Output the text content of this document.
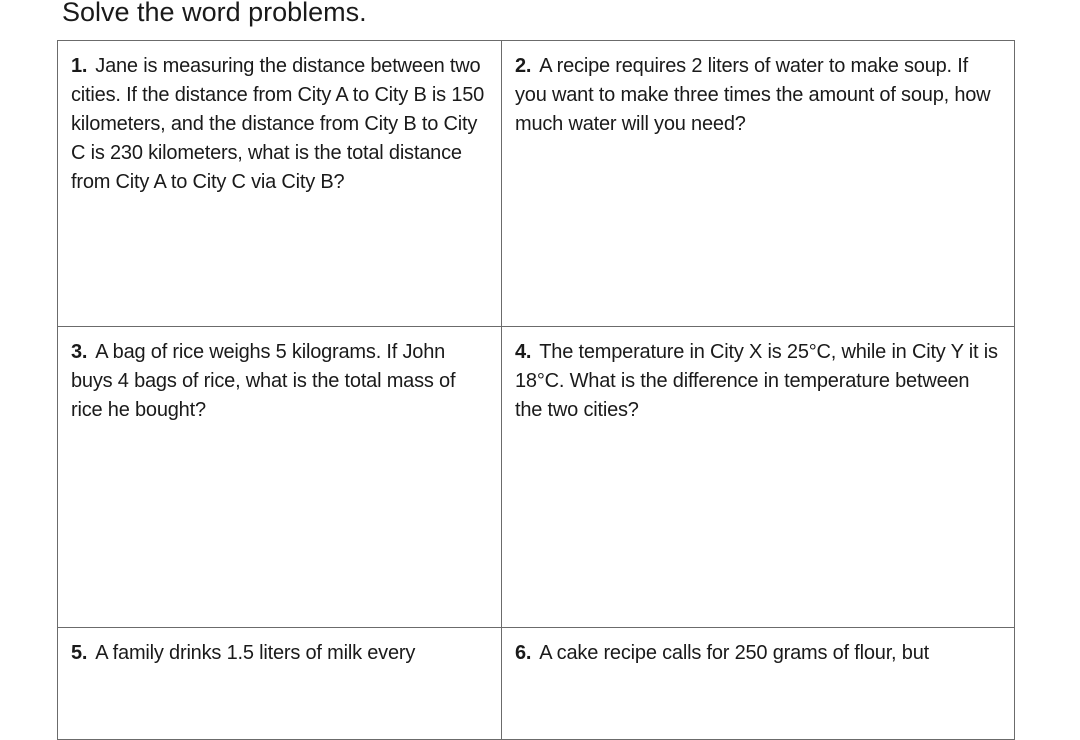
Solve the word problems.
1. Jane is measuring the distance between two cities. If the distance from City A to City B is 150 kilometers, and the distance from City B to City C is 230 kilometers, what is the total distance from City A to City C via City B?
2. A recipe requires 2 liters of water to make soup. If you want to make three times the amount of soup, how much water will you need?
3. A bag of rice weighs 5 kilograms. If John buys 4 bags of rice, what is the total mass of rice he bought?
4. The temperature in City X is 25°C, while in City Y it is 18°C. What is the difference in temperature between the two cities?
5. A family drinks 1.5 liters of milk every	6. A cake recipe calls for 250 grams of flour, but
